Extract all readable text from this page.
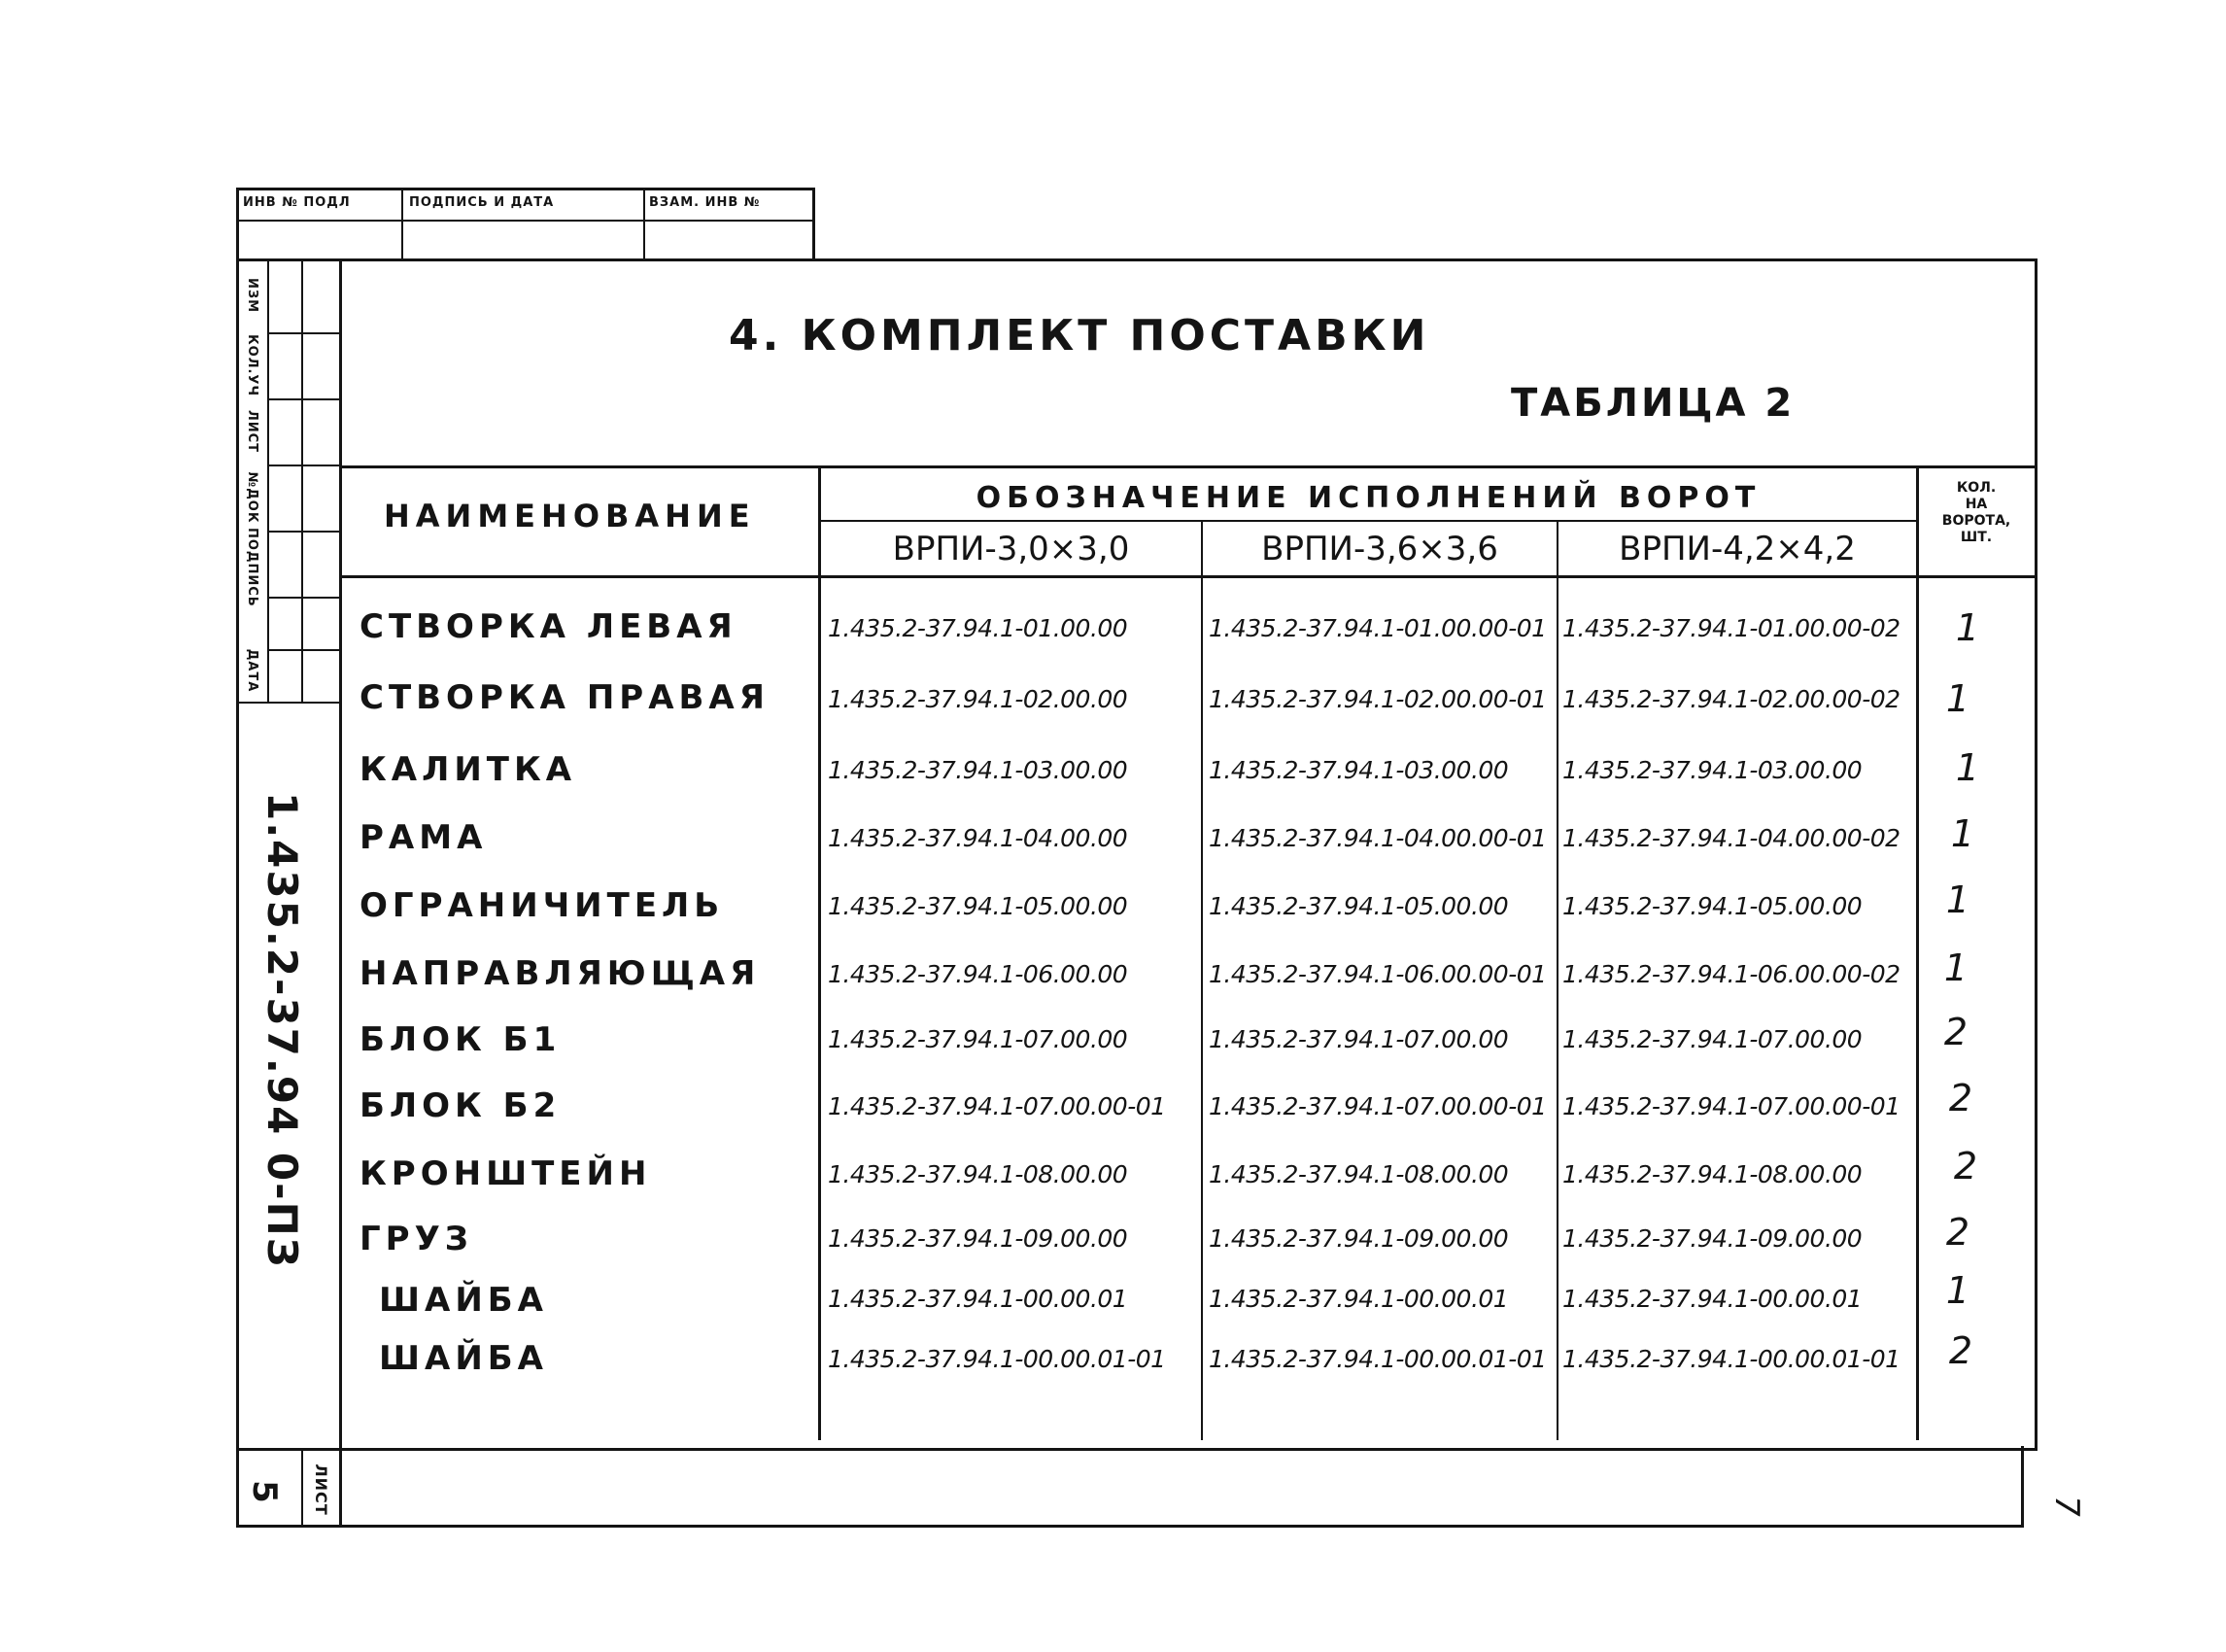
ИНВ № ПОДЛ	ПОДПИСЬ И ДАТА	ВЗАМ. ИНВ №
ИЗМ
КОЛ.УЧ
ЛИСТ
№ДОК
ПОДПИСЬ
ДАТА
1.435.2-37.94 0-ПЗ
5 ЛИСТ
4. КОМПЛЕКТ ПОСТАВКИ
ТАБЛИЦА 2
НАИМЕНОВАНИЕ	ОБОЗНАЧЕНИЕ ИСПОЛНЕНИЙ ВОРОТ
ВРПИ-3,0×3,0	ВРПИ-3,6×3,6	ВРПИ-4,2×4,2
КОЛ.
НА
ВОРОТА,
ШТ.
СТВОРКА ЛЕВАЯ	1.435.2-37.94.1-01.00.00	1.435.2-37.94.1-01.00.00-01 1.435.2-37.94.1-01.00.00-02	1
СТВОРКА ПРАВАЯ 1.435.2-37.94.1-02.00.00	1.435.2-37.94.1-02.00.00-01 1.435.2-37.94.1-02.00.00-02	1
КАЛИТКА	1.435.2-37.94.1-03.00.00	1.435.2-37.94.1-03.00.00 1.435.2-37.94.1-03.00.00	1
РАМА	1.435.2-37.94.1-04.00.00	1.435.2-37.94.1-04.00.00-01 1.435.2-37.94.1-04.00.00-02	1
ОГРАНИЧИТЕЛЬ	1.435.2-37.94.1-05.00.00	1.435.2-37.94.1-05.00.00 1.435.2-37.94.1-05.00.00	1
НАПРАВЛЯЮЩАЯ	1.435.2-37.94.1-06.00.00	1.435.2-37.94.1-06.00.00-01 1.435.2-37.94.1-06.00.00-02	1
БЛОК Б1	1.435.2-37.94.1-07.00.00	1.435.2-37.94.1-07.00.00 1.435.2-37.94.1-07.00.00	2
БЛОК Б2	1.435.2-37.94.1-07.00.00-01 1.435.2-37.94.1-07.00.00-01 1.435.2-37.94.1-07.00.00-01	2
КРОНШТЕЙН	1.435.2-37.94.1-08.00.00	1.435.2-37.94.1-08.00.00 1.435.2-37.94.1-08.00.00	2
ГРУЗ	1.435.2-37.94.1-09.00.00	1.435.2-37.94.1-09.00.00 1.435.2-37.94.1-09.00.00	2
ШАЙБА	1.435.2-37.94.1-00.00.01	1.435.2-37.94.1-00.00.01 1.435.2-37.94.1-00.00.01	1
ШАЙБА	1.435.2-37.94.1-00.00.01-01 1.435.2-37.94.1-00.00.01-01 1.435.2-37.94.1-00.00.01-01	2
7
